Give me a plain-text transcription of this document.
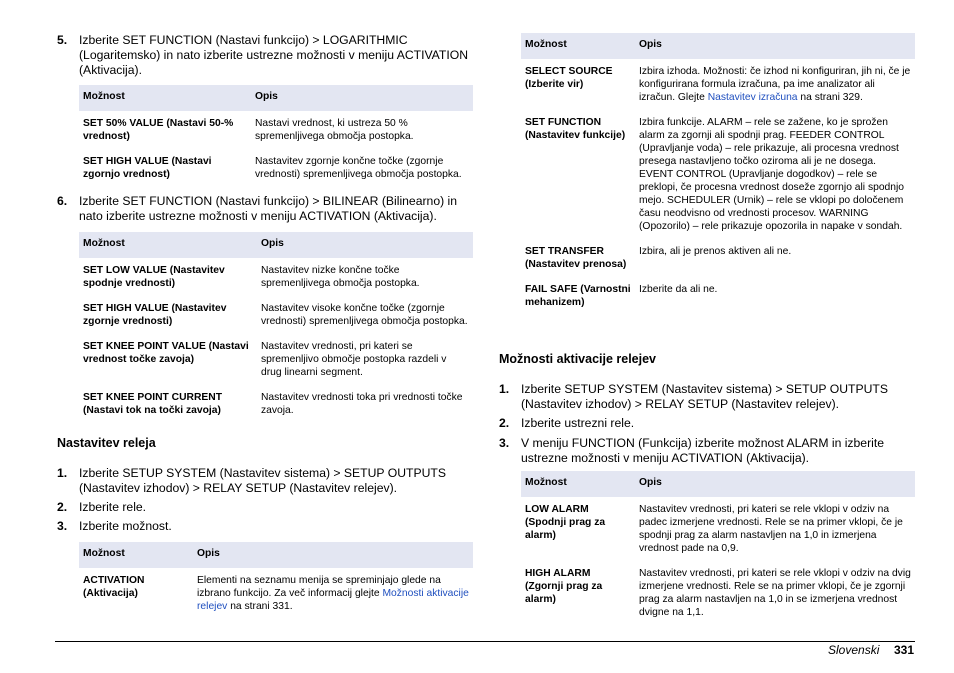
5. Izberite SET FUNCTION (Nastavi funkcijo) > LOGARITHMIC (Logaritemsko) in nato izberite ustrezne možnosti v meniju ACTIVATION (Aktivacija).
Možnost	Opis
SET 50% VALUE (Nastavi 50-% vrednost)	Nastavi vrednost, ki ustreza 50 % spremenljivega območja postopka.
SET HIGH VALUE (Nastavi zgornjo vrednost)	Nastavitev zgornje končne točke (zgornje vrednosti) spremenljivega območja postopka.
6. Izberite SET FUNCTION (Nastavi funkcijo) > BILINEAR (Bilinearno) in nato izberite ustrezne možnosti v meniju ACTIVATION (Aktivacija).
Možnost	Opis
SET LOW VALUE (Nastavitev spodnje vrednosti)	Nastavitev nizke končne točke spremenljivega območja postopka.
SET HIGH VALUE (Nastavitev zgornje vrednosti)	Nastavitev visoke končne točke (zgornje vrednosti) spremenljivega območja postopka.
SET KNEE POINT VALUE (Nastavi vrednost točke zavoja)	Nastavitev vrednosti, pri kateri se spremenljivo območje postopka razdeli v drug linearni segment.
SET KNEE POINT CURRENT (Nastavi tok na točki zavoja)	Nastavitev vrednosti toka pri vrednosti točke zavoja.
Nastavitev releja
1. Izberite SETUP SYSTEM (Nastavitev sistema) > SETUP OUTPUTS (Nastavitev izhodov) > RELAY SETUP (Nastavitev relejev).
2. Izberite rele.
3. Izberite možnost.
Možnost	Opis
ACTIVATION (Aktivacija)	Elementi na seznamu menija se spreminjajo glede na izbrano funkcijo. Za več informacij glejte Možnosti aktivacije relejev na strani 331.
Možnost	Opis
SELECT SOURCE (Izberite vir)	Izbira izhoda. Možnosti: če izhod ni konfiguriran, jih ni, če je konfigurirana formula izračuna, pa ime analizator ali izračun. Glejte Nastavitev izračuna na strani 329.
SET FUNCTION (Nastavitev funkcije)	Izbira funkcije. ALARM – rele se zažene, ko je sprožen alarm za zgornji ali spodnji prag. FEEDER CONTROL (Upravljanje voda) – rele prikazuje, ali procesna vrednost presega nastavljeno točko oziroma ali je ne dosega. EVENT CONTROL (Upravljanje dogodkov) – rele se preklopi, če procesna vrednost doseže zgornjo ali spodnjo mejo. SCHEDULER (Urnik) – rele se vklopi po določenem času neodvisno od vrednosti procesov. WARNING (Opozorilo) – rele prikazuje opozorila in napake v sondah.
SET TRANSFER (Nastavitev prenosa)	Izbira, ali je prenos aktiven ali ne.
FAIL SAFE (Varnostni mehanizem)	Izberite da ali ne.
Možnosti aktivacije relejev
1. Izberite SETUP SYSTEM (Nastavitev sistema) > SETUP OUTPUTS (Nastavitev izhodov) > RELAY SETUP (Nastavitev relejev).
2. Izberite ustrezni rele.
3. V meniju FUNCTION (Funkcija) izberite možnost ALARM in izberite ustrezne možnosti v meniju ACTIVATION (Aktivacija).
Možnost	Opis
LOW ALARM (Spodnji prag za alarm)	Nastavitev vrednosti, pri kateri se rele vklopi v odziv na padec izmerjene vrednosti. Rele se na primer vklopi, če je spodnji prag za alarm nastavljen na 1,0 in izmerjena vrednost pade na 0,9.
HIGH ALARM (Zgornji prag za alarm)	Nastavitev vrednosti, pri kateri se rele vklopi v odziv na dvig izmerjene vrednosti. Rele se na primer vklopi, če je zgornji prag za alarm nastavljen na 1,0 in se izmerjena vrednost dvigne na 1,1.
Slovenski 331
